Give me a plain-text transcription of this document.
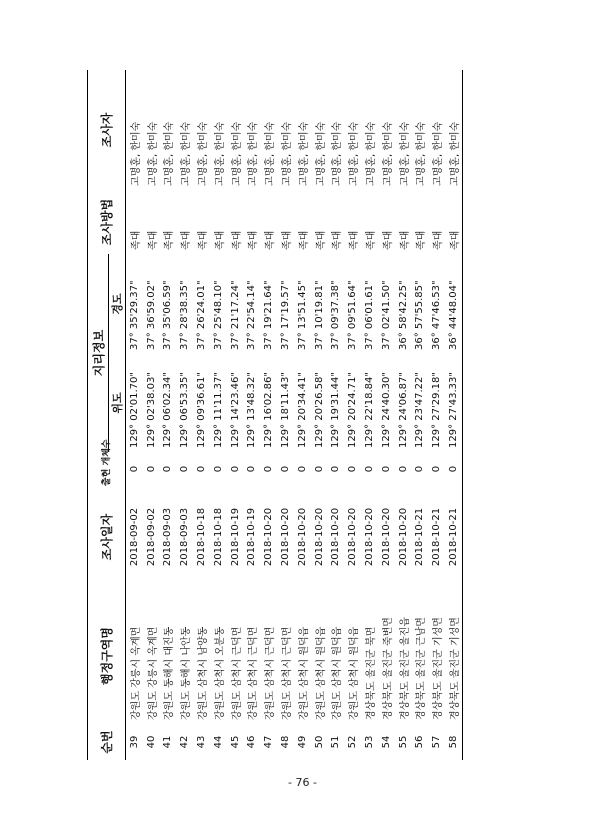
순번	행정구역명	조사일자	출현 개체수	지리정보		조사방법	조사자
				위도	경도		
39	강원도 강릉시 옥계면	2018-09-02	0	129° 02'01.70"	37° 35'29.37"	족대	고명훈, 한미숙
40	강원도 강릉시 옥계면	2018-09-02	0	129° 02'38.03"	37° 36'59.02"	족대	고명훈, 한미숙
41	강원도 동해시 대진동	2018-09-03	0	129° 06'02.34"	37° 35'06.59"	족대	고명훈, 한미숙
42	강원도 동해시 나안동	2018-09-03	0	129° 06'53.35"	37° 28'38.35"	족대	고명훈, 한미숙
43	강원도 삼척시 남양동	2018-10-18	0	129° 09'36.61"	37° 26'24.01"	족대	고명훈, 한미숙
44	강원도 삼척시 오분동	2018-10-18	0	129° 11'11.37"	37° 25'48.10"	족대	고명훈, 한미숙
45	강원도 삼척시 근덕면	2018-10-19	0	129° 14'23.46"	37° 21'17.24"	족대	고명훈, 한미숙
46	강원도 삼척시 근덕면	2018-10-19	0	129° 13'48.32"	37° 22'54.14"	족대	고명훈, 한미숙
47	강원도 삼척시 근덕면	2018-10-20	0	129° 16'02.86"	37° 19'21.64"	족대	고명훈, 한미숙
48	강원도 삼척시 근덕면	2018-10-20	0	129° 18'11.43"	37° 17'19.57"	족대	고명훈, 한미숙
49	강원도 삼척시 원덕읍	2018-10-20	0	129° 20'34.41"	37° 13'51.45"	족대	고명훈, 한미숙
50	강원도 삼척시 원덕읍	2018-10-20	0	129° 20'26.58"	37° 10'19.81"	족대	고명훈, 한미숙
51	강원도 삼척시 원덕읍	2018-10-20	0	129° 19'31.44"	37° 09'37.38"	족대	고명훈, 한미숙
52	강원도 삼척시 원덕읍	2018-10-20	0	129° 20'24.71"	37° 09'51.64"	족대	고명훈, 한미숙
53	경상북도 울진군 북면	2018-10-20	0	129° 22'18.84"	37° 06'01.61"	족대	고명훈, 한미숙
54	경상북도 울진군 죽변면	2018-10-20	0	129° 24'40.30"	37° 02'41.50"	족대	고명훈, 한미숙
55	경상북도 울진군 울진읍	2018-10-20	0	129° 24'06.87"	36° 58'42.25"	족대	고명훈, 한미숙
56	경상북도 울진군 근남면	2018-10-21	0	129° 23'47.22"	36° 57'55.85"	족대	고명훈, 한미숙
57	경상북도 울진군 기성면	2018-10-21	0	129° 27'29.18"	36° 47'46.53"	족대	고명훈, 한미숙
58	경상북도 울진군 기성면	2018-10-21	0	129° 27'43.33"	36° 44'48.04"	족대	고명훈, 한미숙
- 76 -
